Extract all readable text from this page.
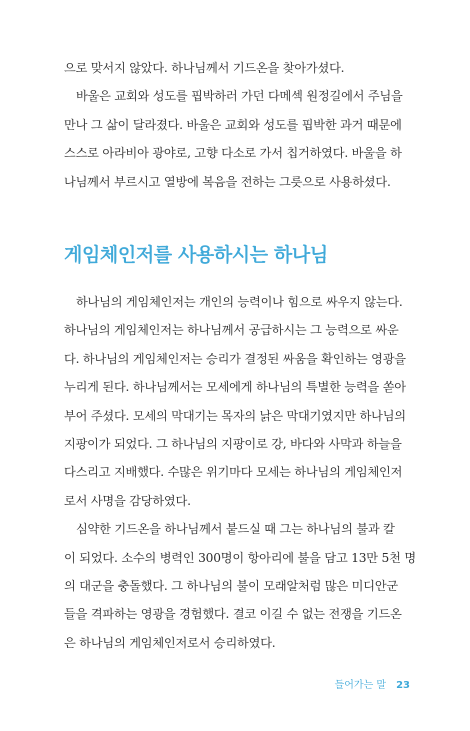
으로 맞서지 않았다. 하나님께서 기드온을 찾아가셨다.
　바울은 교회와 성도를 핍박하러 가던 다메섹 원정길에서 주님을
만나 그 삶이 달라졌다. 바울은 교회와 성도를 핍박한 과거 때문에
스스로 아라비아 광야로, 고향 다소로 가서 칩거하였다. 바울을 하
나님께서 부르시고 열방에 복음을 전하는 그릇으로 사용하셨다.
게임체인저를 사용하시는 하나님
　하나님의 게임체인저는 개인의 능력이나 힘으로 싸우지 않는다.
하나님의 게임체인저는 하나님께서 공급하시는 그 능력으로 싸운
다. 하나님의 게임체인저는 승리가 결정된 싸움을 확인하는 영광을
누리게 된다. 하나님께서는 모세에게 하나님의 특별한 능력을 쏟아
부어 주셨다. 모세의 막대기는 목자의 낡은 막대기였지만 하나님의
지팡이가 되었다. 그 하나님의 지팡이로 강, 바다와 사막과 하늘을
다스리고 지배했다. 수많은 위기마다 모세는 하나님의 게임체인저
로서 사명을 감당하였다.
　심약한 기드온을 하나님께서 붙드실 때 그는 하나님의 불과 칼
이 되었다. 소수의 병력인 300명이 항아리에 불을 담고 13만 5천 명
의 대군을 충돌했다. 그 하나님의 불이 모래알처럼 많은 미디안군
들을 격파하는 영광을 경험했다. 결코 이길 수 없는 전쟁을 기드온
은 하나님의 게임체인저로서 승리하였다.
들어가는 말 23
